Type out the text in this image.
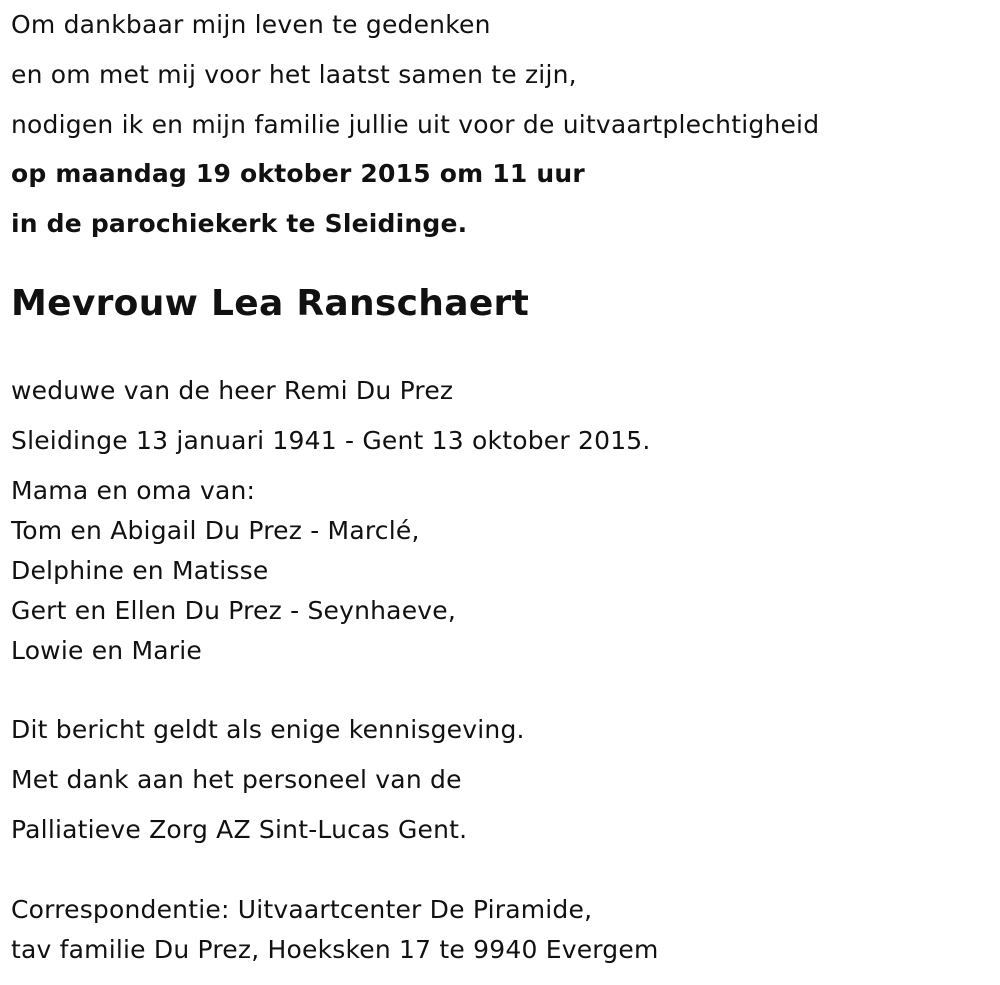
Om dankbaar mijn leven te gedenken
en om met mij voor het laatst samen te zijn,
nodigen ik en mijn familie jullie uit voor de uitvaartplechtigheid
op maandag 19 oktober 2015 om 11 uur
in de parochiekerk te Sleidinge.
Mevrouw Lea Ranschaert
weduwe van de heer Remi Du Prez
Sleidinge 13 januari 1941 - Gent 13 oktober 2015.
Mama en oma van:
Tom en Abigail Du Prez - Marclé,
Delphine en Matisse
Gert en Ellen Du Prez - Seynhaeve,
Lowie en Marie
Dit bericht geldt als enige kennisgeving.
Met dank aan het personeel van de
Palliatieve Zorg AZ Sint-Lucas Gent.
Correspondentie: Uitvaartcenter De Piramide,
tav familie Du Prez, Hoeksken 17 te 9940 Evergem
